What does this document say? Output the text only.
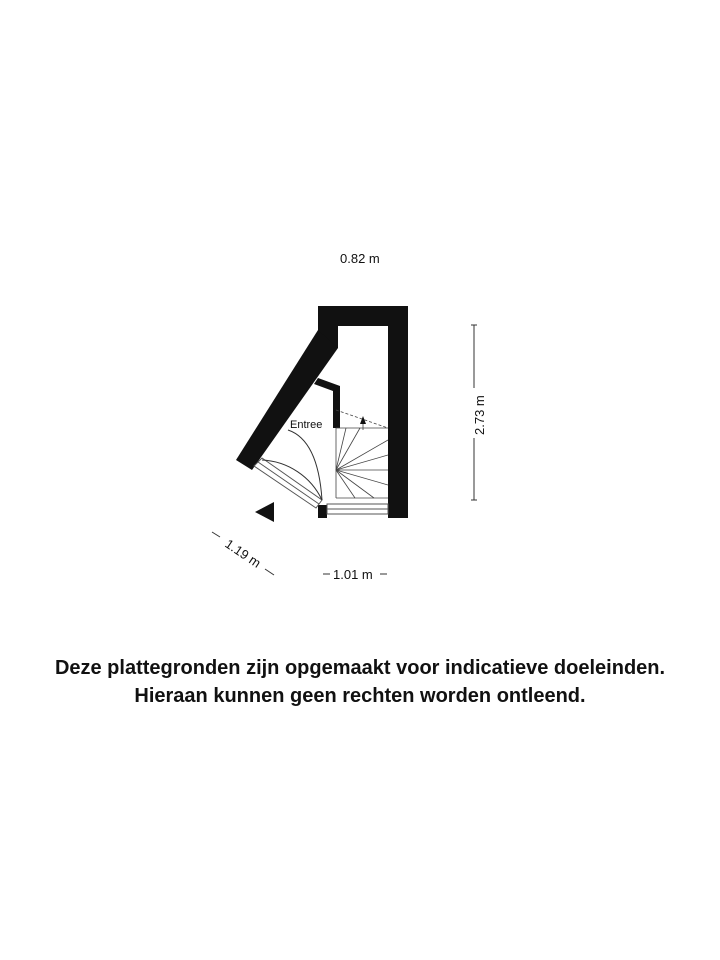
Entree
0.82 m
2.73 m
1.01 m
1.19 m
Deze plattegronden zijn opgemaakt voor indicatieve doeleinden.
Hieraan kunnen geen rechten worden ontleend.
